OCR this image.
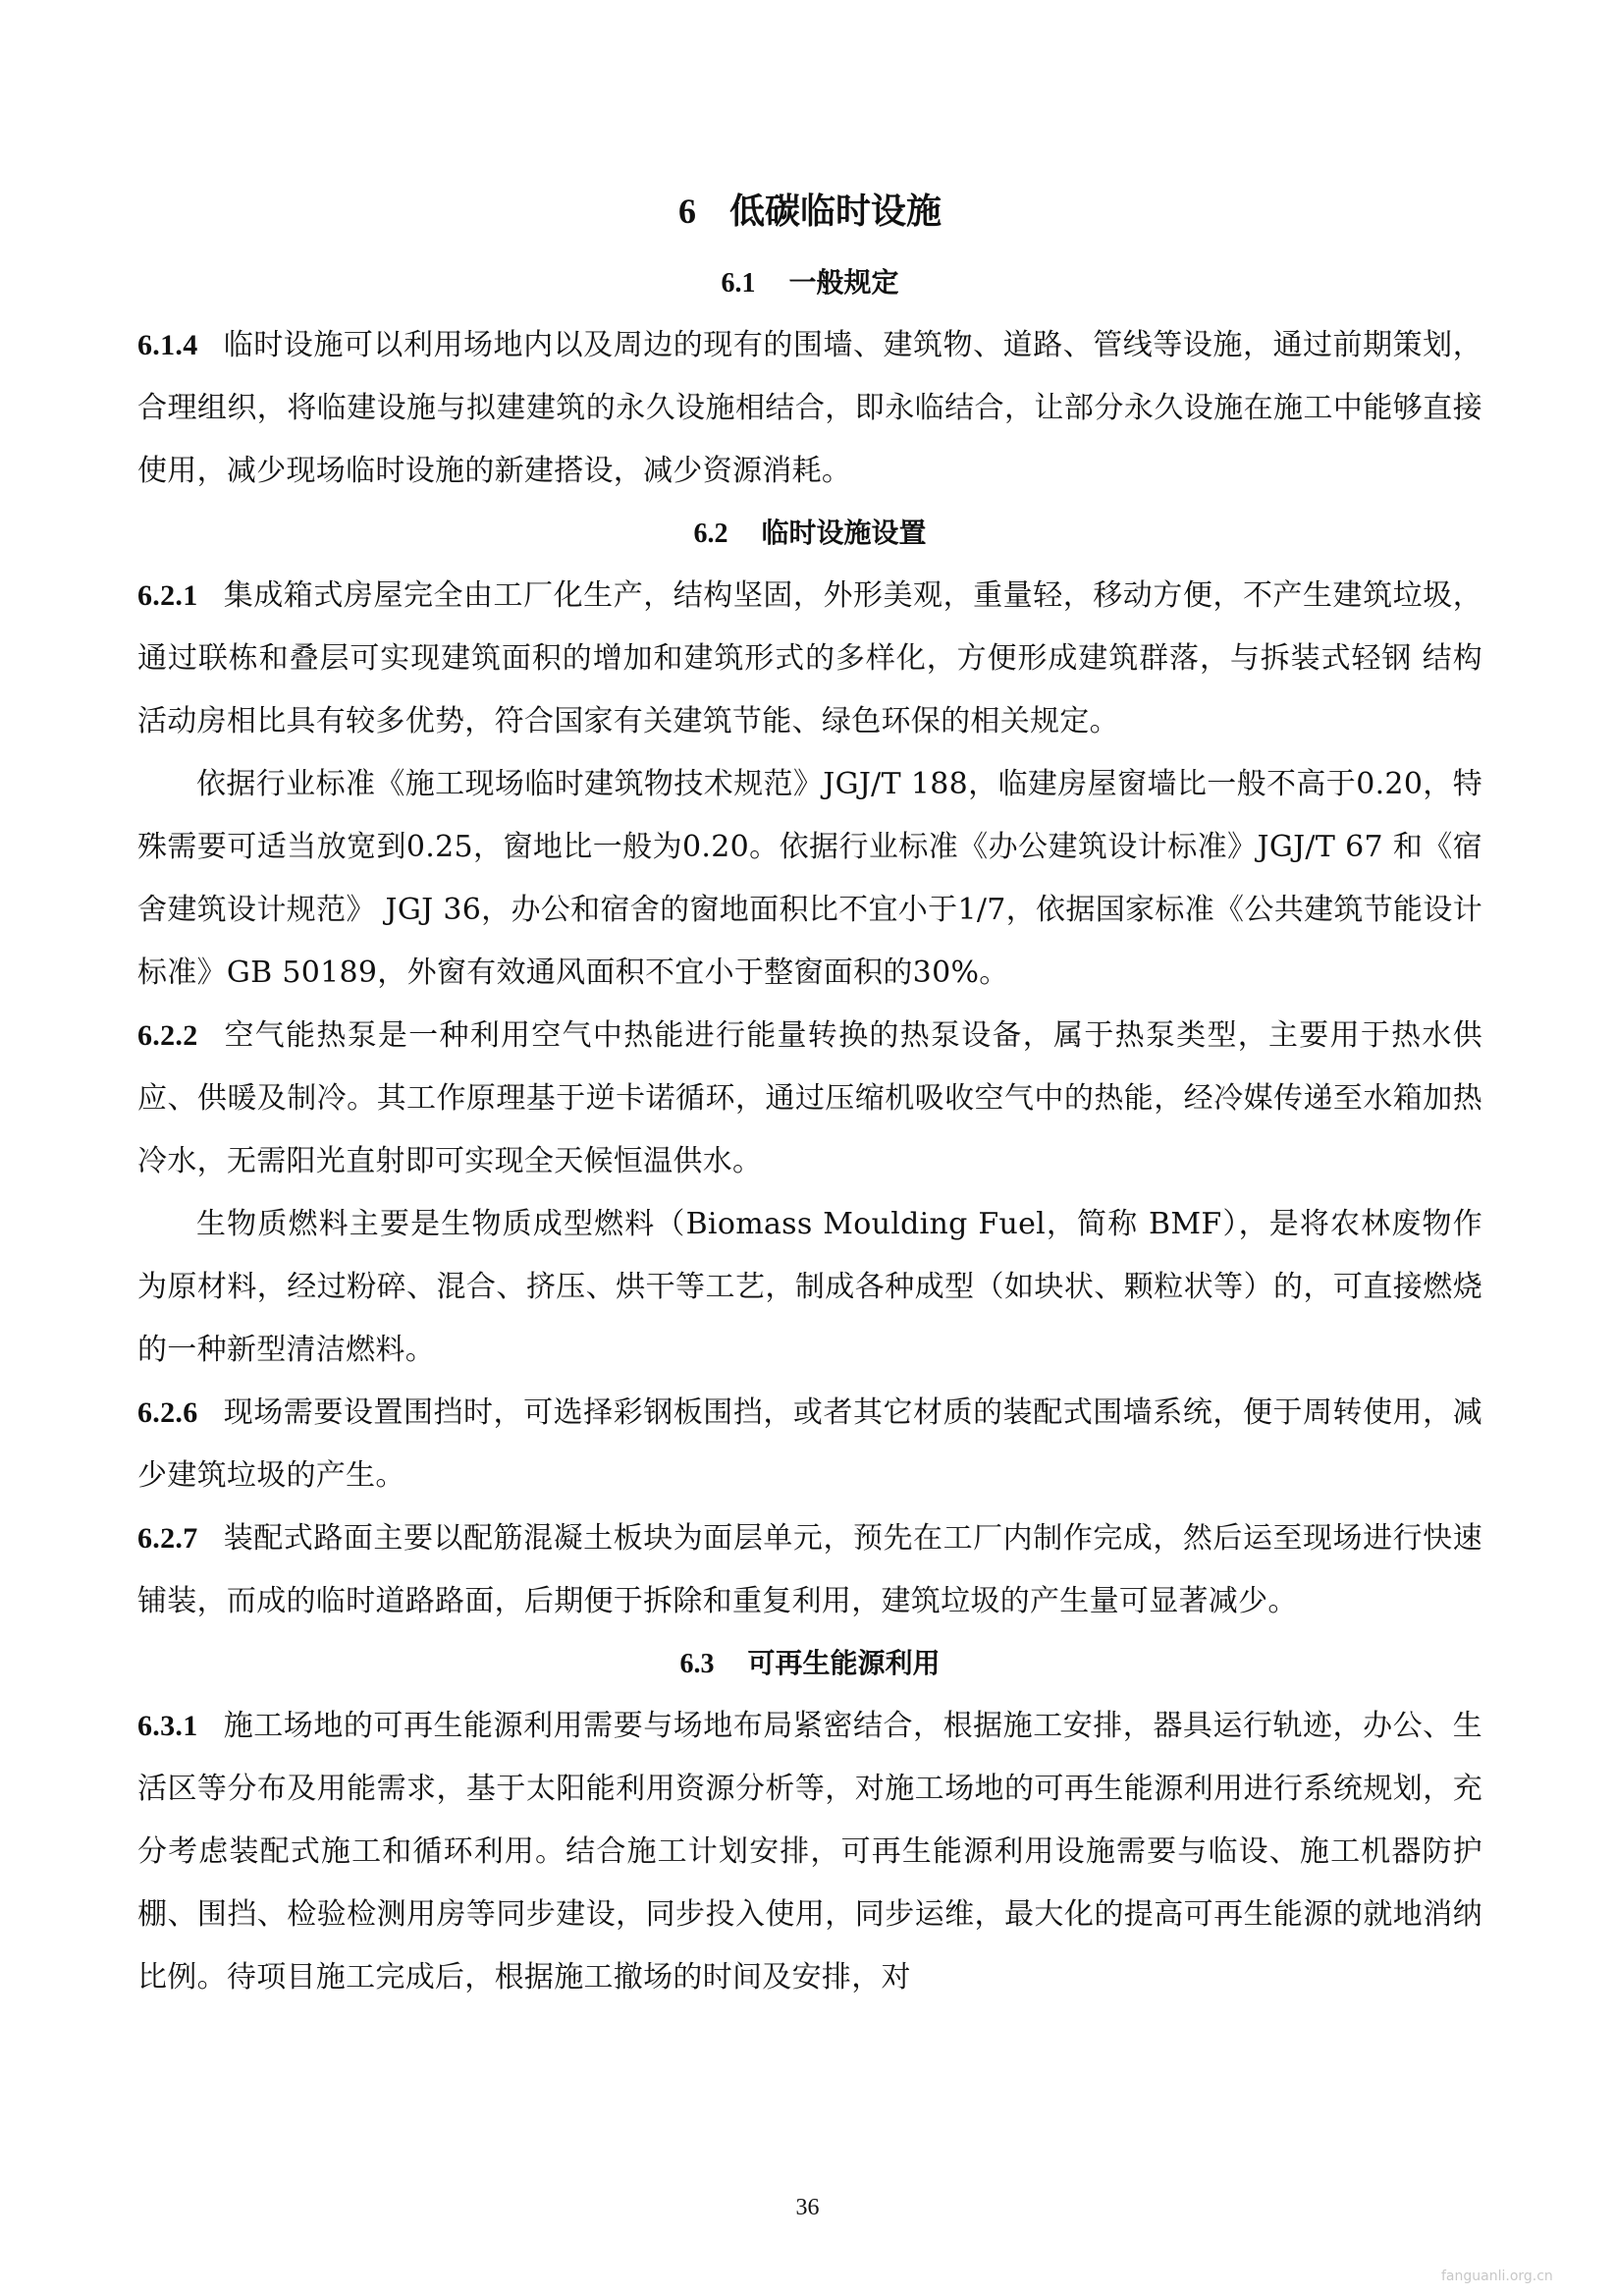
6 低碳临时设施
6.1 一般规定

6.1.4 临时设施可以利用场地内以及周边的现有的围墙、建筑物、道路、管线等设施，通过前期策划，合理组织，将临建设施与拟建建筑的永久设施相结合，即永临结合，让部分永久设施在施工中能够直接使用，减少现场临时设施的新建搭设，减少资源消耗。

6.2 临时设施设置

6.2.1 集成箱式房屋完全由工厂化生产，结构坚固，外形美观，重量轻，移动方便，不产生建筑垃圾， 通过联栋和叠层可实现建筑面积的增加和建筑形式的多样化，方便形成建筑群落，与拆装式轻钢 结构活动房相比具有较多优势，符合国家有关建筑节能、绿色环保的相关规定。

依据行业标准《施工现场临时建筑物技术规范》JGJ/T 188，临建房屋窗墙比一般不高于0.20，特殊需要可适当放宽到0.25，窗地比一般为0.20。依据行业标准《办公建筑设计标准》JGJ/T 67 和《宿舍建筑设计规范》 JGJ 36，办公和宿舍的窗地面积比不宜小于1/7，依据国家标准《公共建筑节能设计标准》GB 50189，外窗有效通风面积不宜小于整窗面积的30%。

6.2.2 空气能热泵是一种利用空气中热能进行能量转换的热泵设备，属于热泵类型，主要用于热水供应、供暖及制冷。其工作原理基于逆卡诺循环，通过压缩机吸收空气中的热能，经冷媒传递至水箱加热冷水，无需阳光直射即可实现全天候恒温供水。

生物质燃料主要是生物质成型燃料（Biomass Moulding Fuel，简称 BMF），是将农林废物作为原材料，经过粉碎、混合、挤压、烘干等工艺，制成各种成型（如块状、颗粒状等）的，可直接燃烧的一种新型清洁燃料。

6.2.6 现场需要设置围挡时，可选择彩钢板围挡，或者其它材质的装配式围墙系统，便于周转使用，减少建筑垃圾的产生。

6.2.7 装配式路面主要以配筋混凝土板块为面层单元，预先在工厂内制作完成，然后运至现场进行快速铺装，而成的临时道路路面，后期便于拆除和重复利用，建筑垃圾的产生量可显著减少。

6.3 可再生能源利用

6.3.1 施工场地的可再生能源利用需要与场地布局紧密结合，根据施工安排，器具运行轨迹，办公、生活区等分布及用能需求，基于太阳能利用资源分析等，对施工场地的可再生能源利用进行系统规划，充分考虑装配式施工和循环利用。结合施工计划安排，可再生能源利用设施需要与临设、施工机器防护棚、围挡、检验检测用房等同步建设，同步投入使用，同步运维，最大化的提高可再生能源的就地消纳比例。待项目施工完成后，根据施工撤场的时间及安排，对

36
fanguanli.org.cn
